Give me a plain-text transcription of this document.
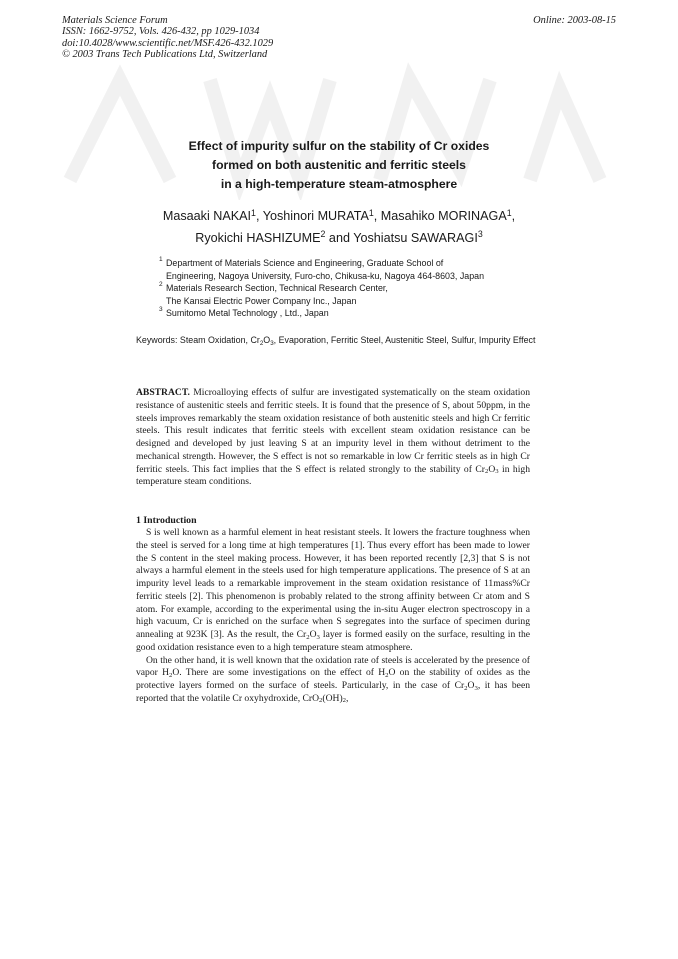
Materials Science Forum
ISSN: 1662-9752, Vols. 426-432, pp 1029-1034
doi:10.4028/www.scientific.net/MSF.426-432.1029
© 2003 Trans Tech Publications Ltd, Switzerland
Online: 2003-08-15
Effect of impurity sulfur on the stability of Cr oxides
formed on both austenitic and ferritic steels
in a high-temperature steam-atmosphere
Masaaki NAKAI$^1$, Yoshinori MURATA$^1$, Masahiko MORINAGA$^1$,
Ryokichi HASHIZUME$^2$ and Yoshiatsu SAWARAGI$^3$
1 Department of Materials Science and Engineering, Graduate School of
Engineering, Nagoya University, Furo-cho, Chikusa-ku, Nagoya 464-8603, Japan
2 Materials Research Section, Technical Research Center,
The Kansai Electric Power Company Inc., Japan
3 Sumitomo Metal Technology , Ltd., Japan
Keywords: Steam Oxidation, $Cr_2O_3$, Evaporation, Ferritic Steel, Austenitic Steel, Sulfur, Impurity Effect

ABSTRACT. Microalloying effects of sulfur are investigated systematically on the steam oxidation resistance of austenitic steels and ferritic steels. It is found that the presence of S, about 50ppm, in the steels improves remarkably the steam oxidation resistance of both austenitic steels and high Cr ferritic steels. This result indicates that ferritic steels with excellent steam oxidation resistance can be designed and developed by just leaving S at an impurity level in them without detriment to the mechanical strength. However, the S effect is not so remarkable in low Cr ferritic steels as in high Cr ferritic steels. This fact implies that the S effect is related strongly to the stability of $Cr_2O_3$ in high temperature steam conditions.

1 Introduction

S is well known as a harmful element in heat resistant steels. It lowers the fracture toughness when the steel is served for a long time at high temperatures [1]. Thus every effort has been made to lower the S content in the steel making process. However, it has been reported recently [2,3] that S is not always a harmful element in the steels used for high temperature applications. The presence of S at an impurity level leads to a remarkable improvement in the steam oxidation resistance of 11mass%Cr ferritic steels [2]. This phenomenon is probably related to the strong affinity between Cr atom and S atom. For example, according to the experimental using the in-situ Auger electron spectroscopy in a high vacuum, Cr is enriched on the surface when S segregates into the surface of specimen during annealing at 923K [3]. As the result, the $Cr_2O_3$ layer is formed easily on the surface, resulting in the good oxidation resistance even to a high temperature steam atmosphere.

On the other hand, it is well known that the oxidation rate of steels is accelerated by the presence of vapor $H_2O$. There are some investigations on the effect of $H_2O$ on the stability of oxides as the protective layers formed on the surface of steels. Particularly, in the case of $Cr_2O_3$, it has been reported that the volatile Cr oxyhydroxide, $CrO_2(OH)_2$,
